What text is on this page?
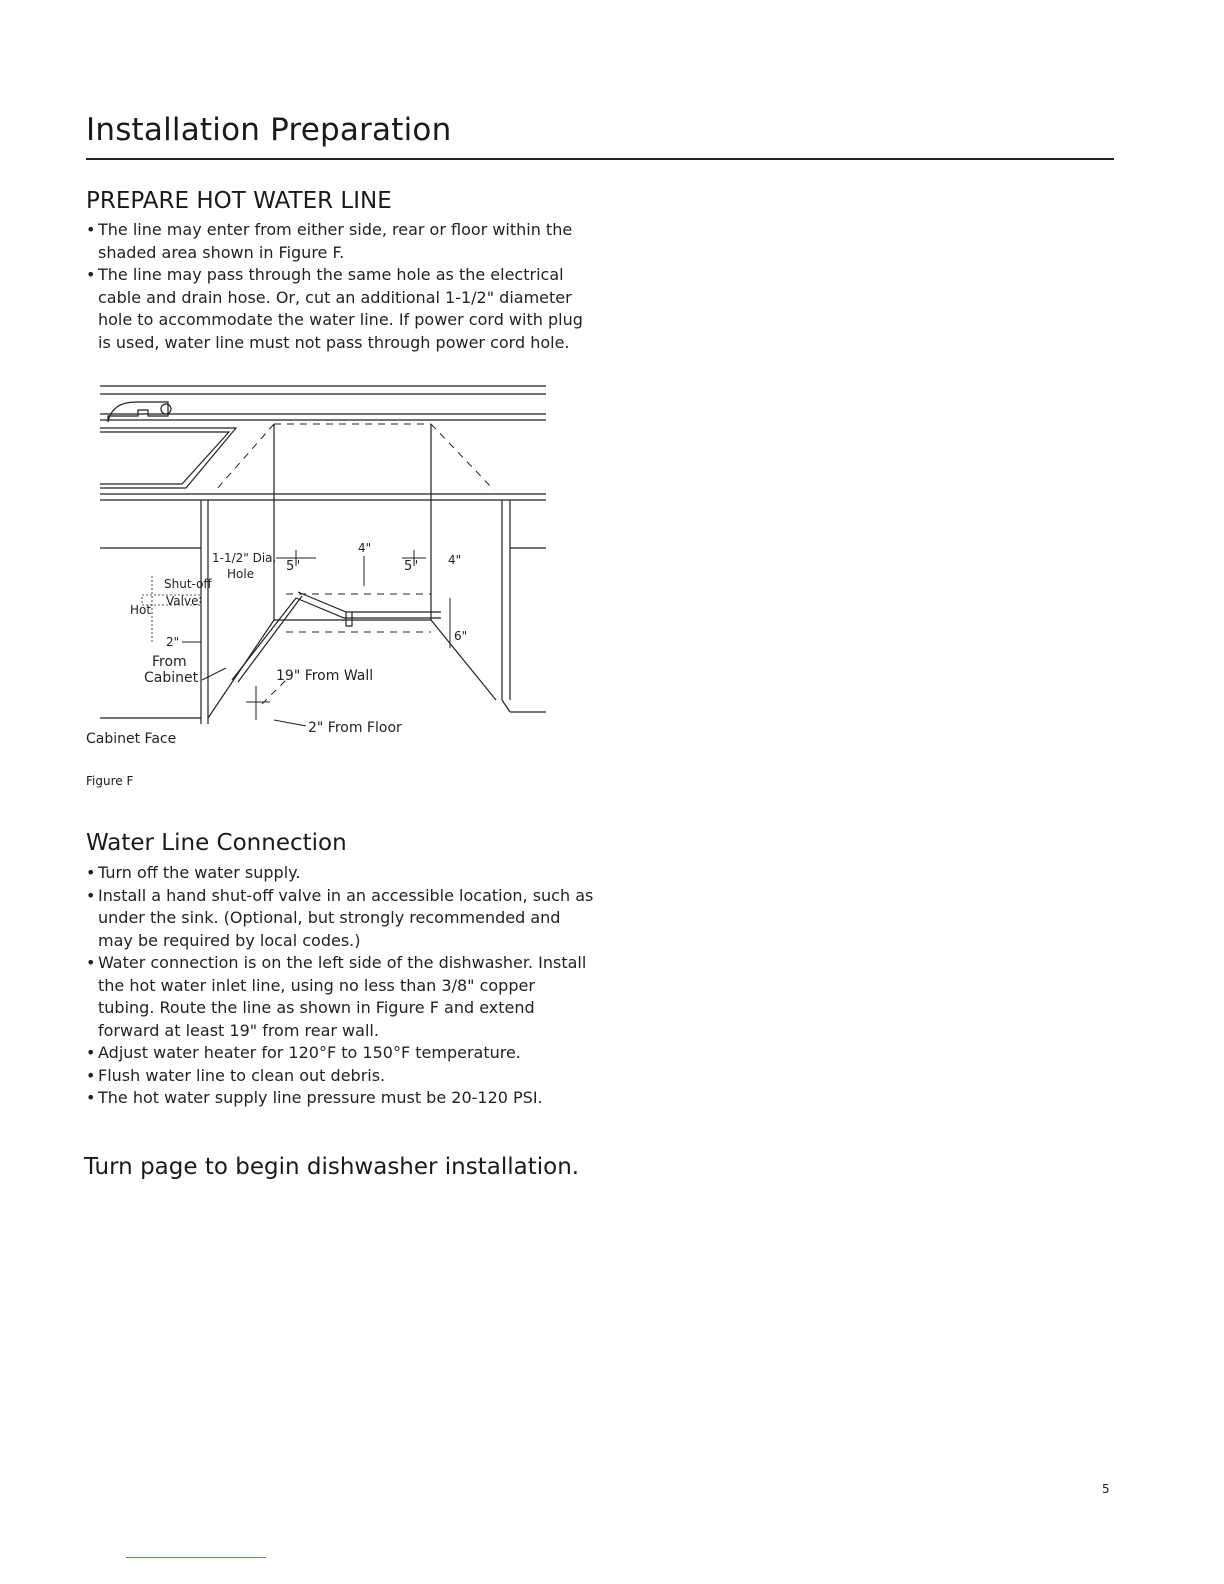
Installation Preparation
PREPARE HOT WATER LINE
• The line may enter from either side, rear or floor within the shaded area shown in Figure F.
• The line may pass through the same hole as the electrical cable and drain hose. Or, cut an additional 1-1/2" diameter hole to accommodate the water line. If power cord with plug is used, water line must not pass through power cord hole.
1-1/2" Dia.
Hole
Shut-off
Valve
Hot
2"
From
Cabinet
Cabinet Face
5"
4"
5" 4"
6"
19" From Wall
2" From Floor
Figure F
Water Line Connection
• Turn off the water supply.
• Install a hand shut-off valve in an accessible location, such as under the sink. (Optional, but strongly recommended and may be required by local codes.)
• Water connection is on the left side of the dishwasher. Install the hot water inlet line, using no less than 3/8" copper tubing. Route the line as shown in Figure F and extend forward at least 19" from rear wall.
• Adjust water heater for 120°F to 150°F temperature.
• Flush water line to clean out debris.
• The hot water supply line pressure must be 20-120 PSI.
Turn page to begin dishwasher installation.
5
